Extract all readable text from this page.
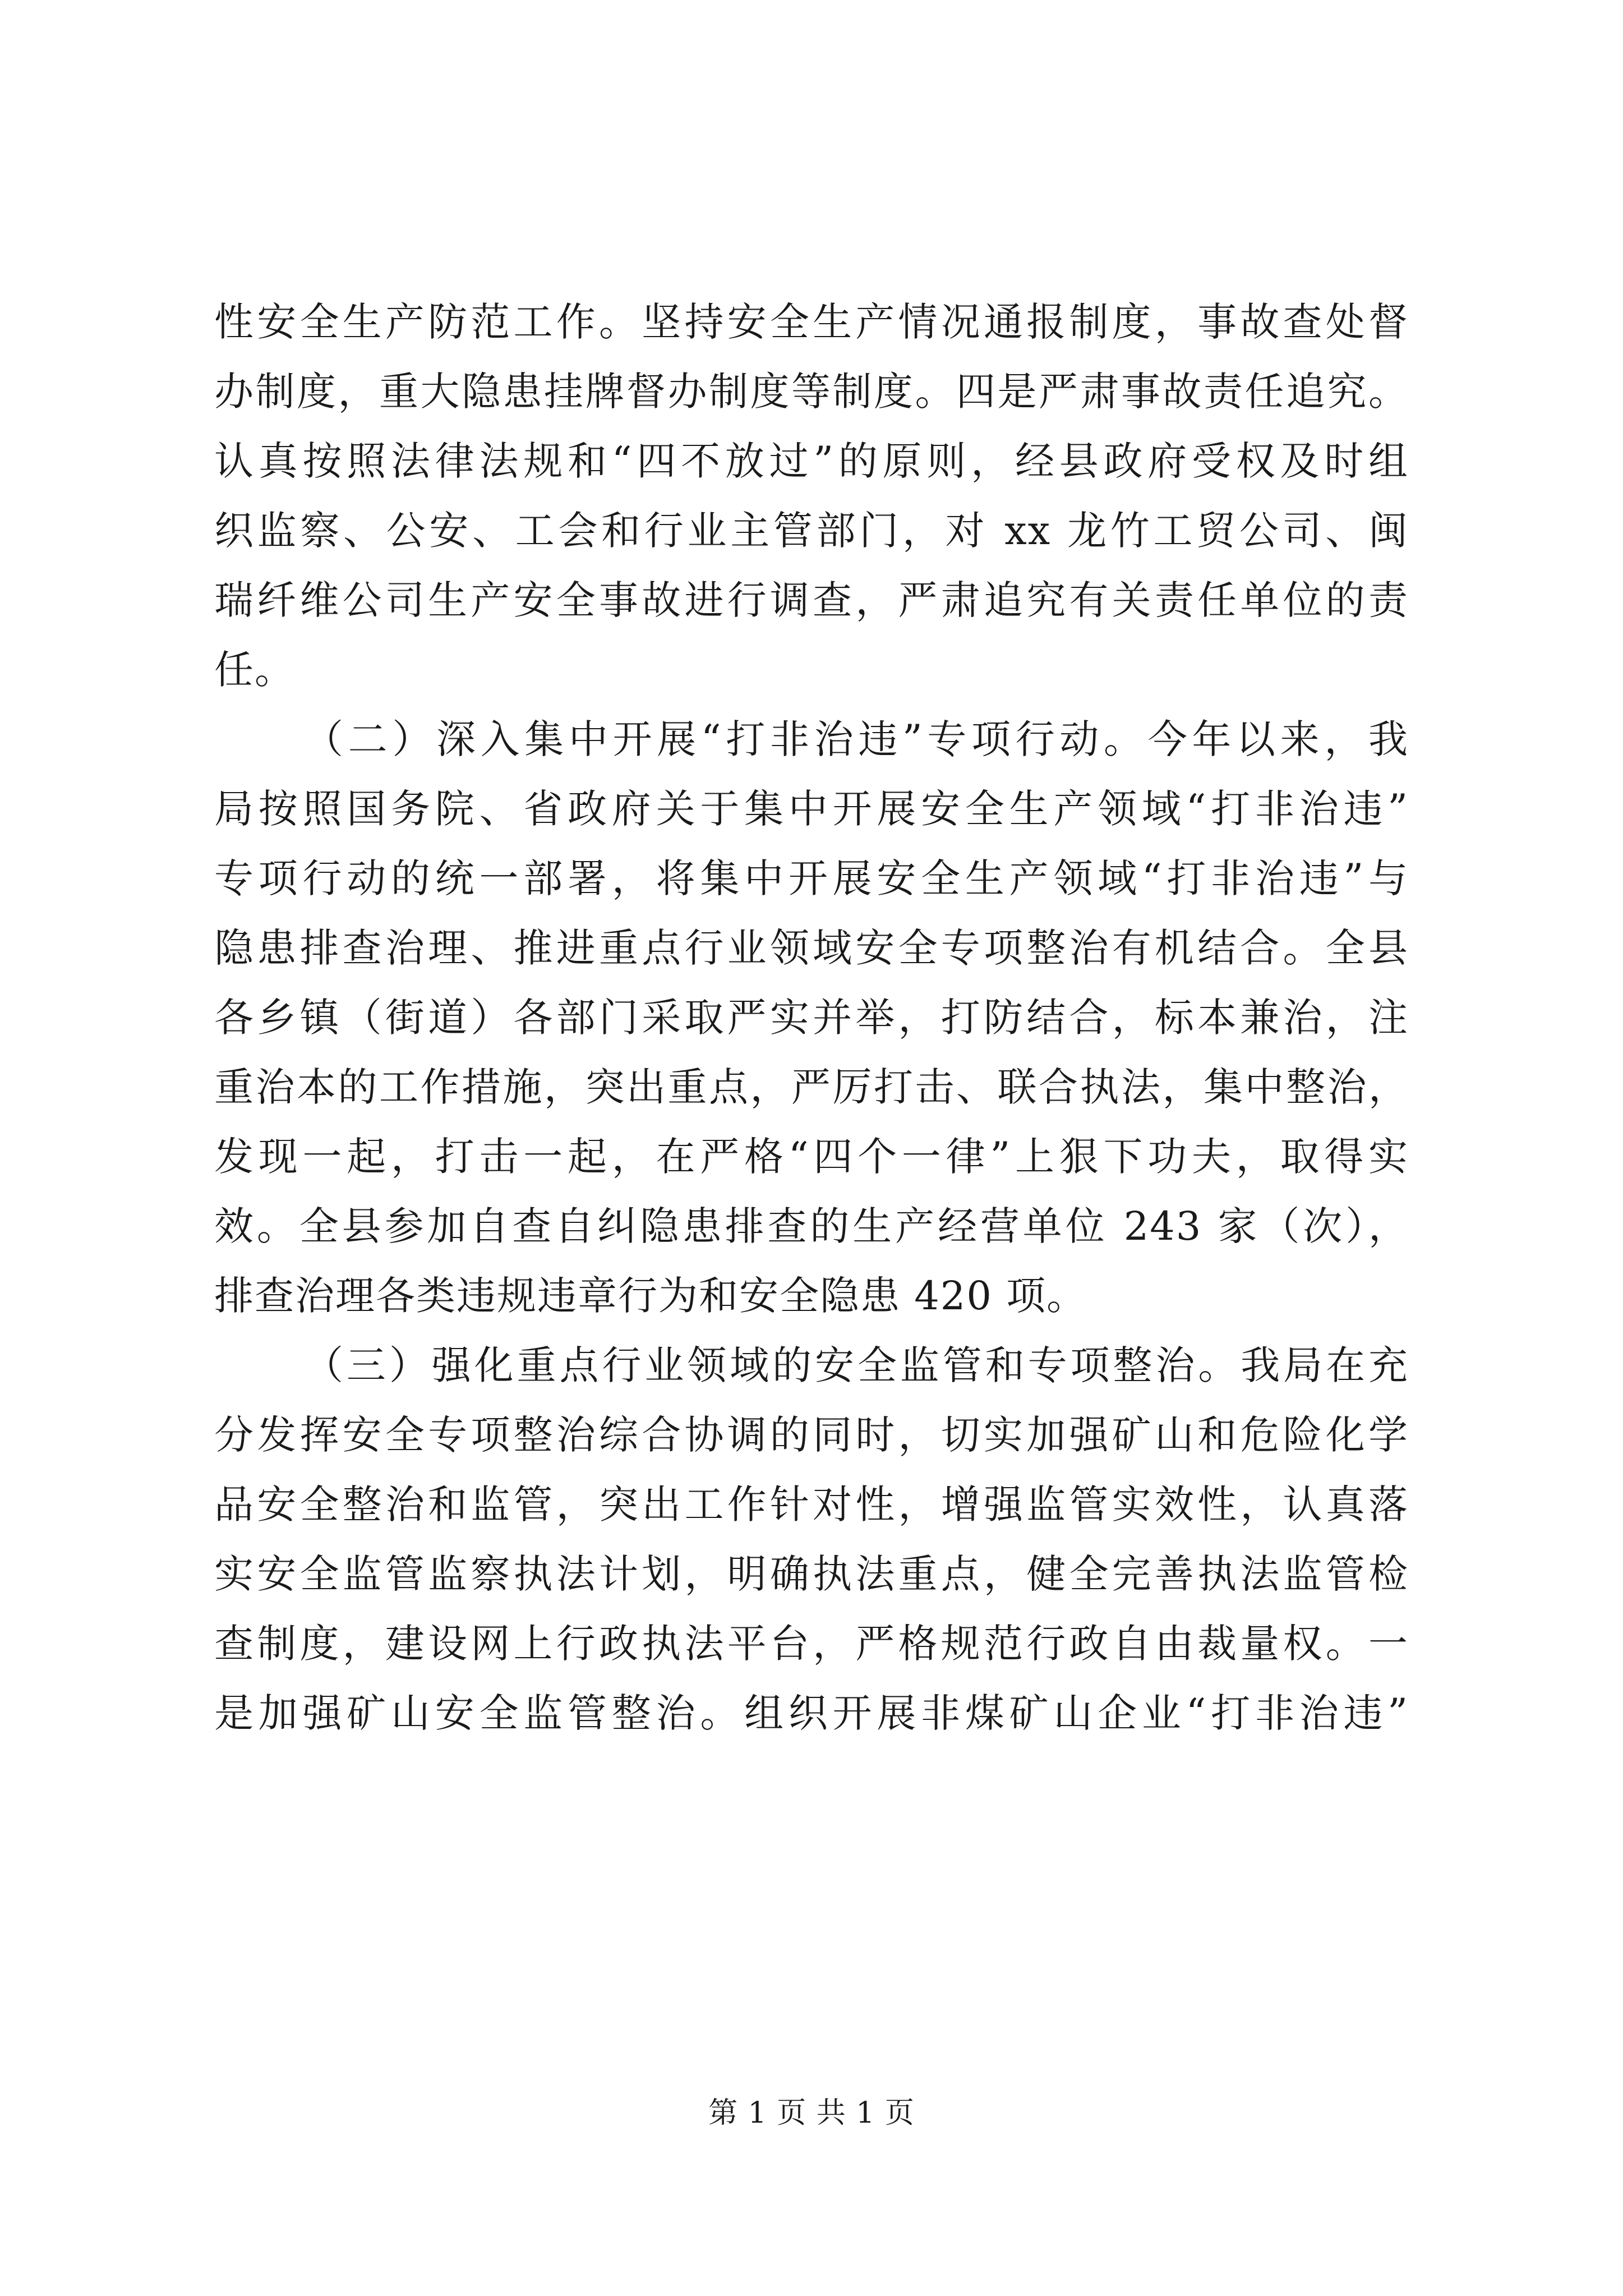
性安全生产防范工作。坚持安全生产情况通报制度，事故查处督
办制度，重大隐患挂牌督办制度等制度。四是严肃事故责任追究。
认真按照法律法规和“四不放过”的原则，经县政府受权及时组
织监察、公安、工会和行业主管部门，对 xx 龙竹工贸公司、闽
瑞纤维公司生产安全事故进行调查，严肃追究有关责任单位的责
任。
（二）深入集中开展“打非治违”专项行动。今年以来，我
局按照国务院、省政府关于集中开展安全生产领域“打非治违”
专项行动的统一部署，将集中开展安全生产领域“打非治违”与
隐患排查治理、推进重点行业领域安全专项整治有机结合。全县
各乡镇（街道）各部门采取严实并举，打防结合，标本兼治，注
重治本的工作措施，突出重点，严厉打击、联合执法，集中整治，
发现一起，打击一起，在严格“四个一律”上狠下功夫，取得实
效。全县参加自查自纠隐患排查的生产经营单位 243 家（次），
排查治理各类违规违章行为和安全隐患 420 项。
（三）强化重点行业领域的安全监管和专项整治。我局在充
分发挥安全专项整治综合协调的同时，切实加强矿山和危险化学
品安全整治和监管，突出工作针对性，增强监管实效性，认真落
实安全监管监察执法计划，明确执法重点，健全完善执法监管检
查制度，建设网上行政执法平台，严格规范行政自由裁量权。一
是加强矿山安全监管整治。组织开展非煤矿山企业“打非治违”
第 1 页 共 1 页
